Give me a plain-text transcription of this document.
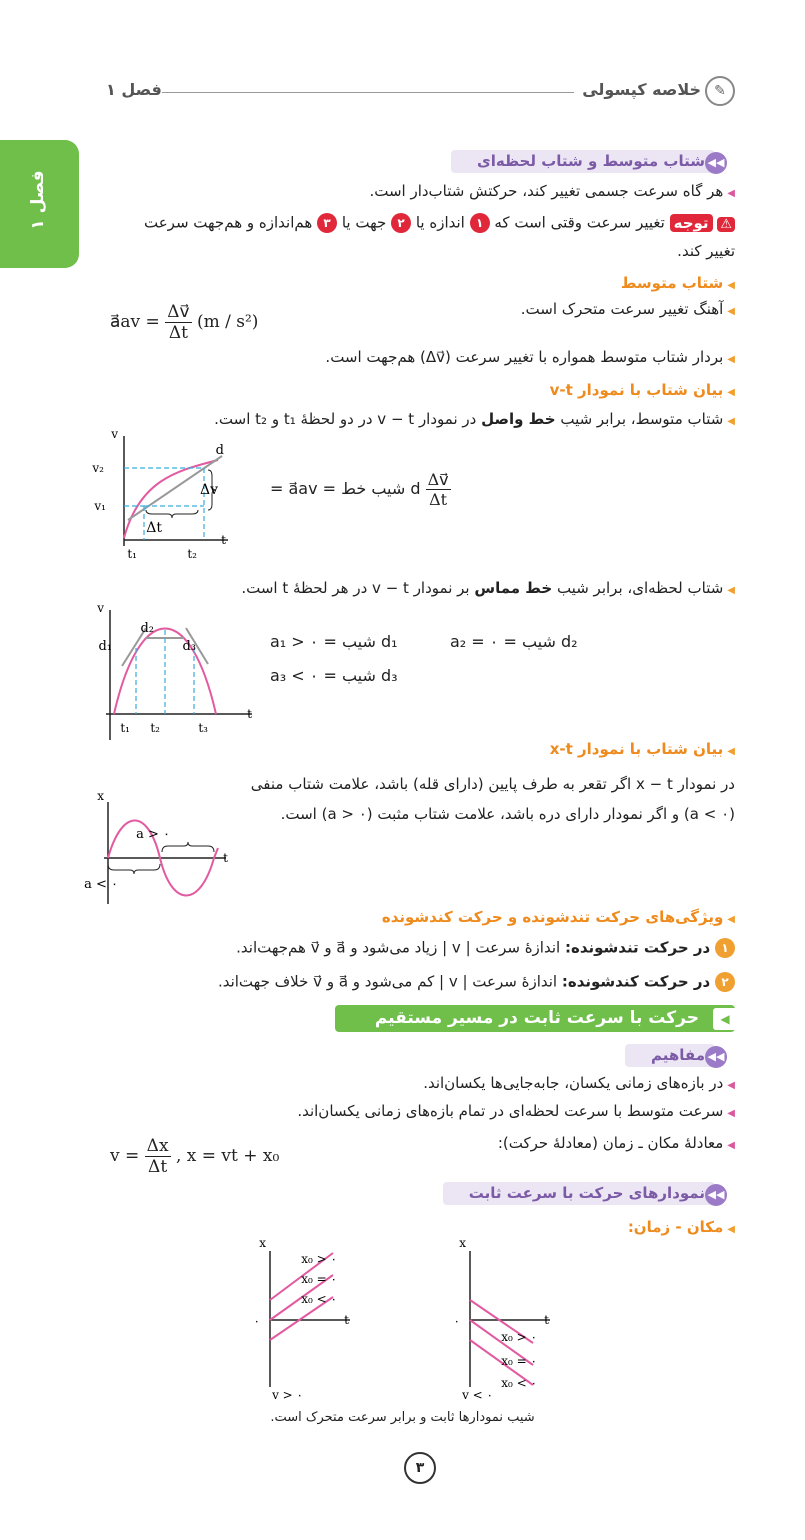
✎
خلاصه کپسولی
فصل ۱
فصل ۱
شتاب متوسط و شتاب لحظه‌ای ◀◀
◀هر گاه سرعت جسمی تغییر کند، حرکتش شتاب‌دار است.
⚠ توجه تغییر سرعت وقتی است که ۱ اندازه یا ۲ جهت یا ۳ هم‌اندازه و هم‌جهت سرعت
تغییر کند.
◀شتاب متوسط
◀آهنگ تغییر سرعت متحرک است.
a⃗av = $\frac{\Delta v⃗}{\Delta t} (m / s^2)$
◀بردار شتاب متوسط همواره با تغییر سرعت (Δv⃗) هم‌جهت است.
◀بیان شتاب با نمودار v-t
◀شتاب متوسط، برابر شیب خط واصل در نمودار v − t در دو لحظهٔ t₁ و t₂ است.
v
v₂
v₁
d
Δv
Δt
t
t₁	t₂
$\frac{\Delta v⃗}{\Delta t}$
d شیب خط = a⃗av =
◀شتاب لحظه‌ای، برابر شیب خط مماس بر نمودار v − t در هر لحظهٔ t است.
v
d₁
d₂
d₃
t
t₁ t₂	t₃
d₁ شیب = a₁ > ۰	d₂ شیب = a₂ = ۰
d₃ شیب = a₃ < ۰
◀بیان شتاب با نمودار x-t
در نمودار x − t اگر تقعر به طرف پایین (دارای قله) باشد، علامت شتاب منفی
(a < ۰) و اگر نمودار دارای دره باشد، علامت شتاب مثبت (a > ۰) است.
x
t
a > ۰
a < ۰
◀ویژگی‌های حرکت تندشونده و حرکت کندشونده
۱ در حرکت تندشونده: اندازهٔ سرعت | v | زیاد می‌شود و a⃗ و v⃗ هم‌جهت‌اند.
۲ در حرکت کندشونده: اندازهٔ سرعت | v | کم می‌شود و a⃗ و v⃗ خلاف جهت‌اند.
◀
حرکت با سرعت ثابت در مسیر مستقیم
مفاهیم ◀◀
◀در بازه‌های زمانی یکسان، جابه‌جایی‌ها یکسان‌اند.
◀سرعت متوسط با سرعت لحظه‌ای در تمام بازه‌های زمانی یکسان‌اند.
◀معادلهٔ مکان ـ زمان (معادلهٔ حرکت):
$v = \frac{\Delta x}{\Delta t}$ , x = vt + x₀
نمودارهای حرکت با سرعت ثابت ◀◀
◀مکان - زمان:
x
t
۰
x₀ > ۰
x₀ = ۰
x₀ < ۰
v > ۰
x
t
۰
x₀ > ۰
x₀ = ۰
x₀ < ۰
v < ۰
شیب نمودارها ثابت و برابر سرعت متحرک است.
۳
